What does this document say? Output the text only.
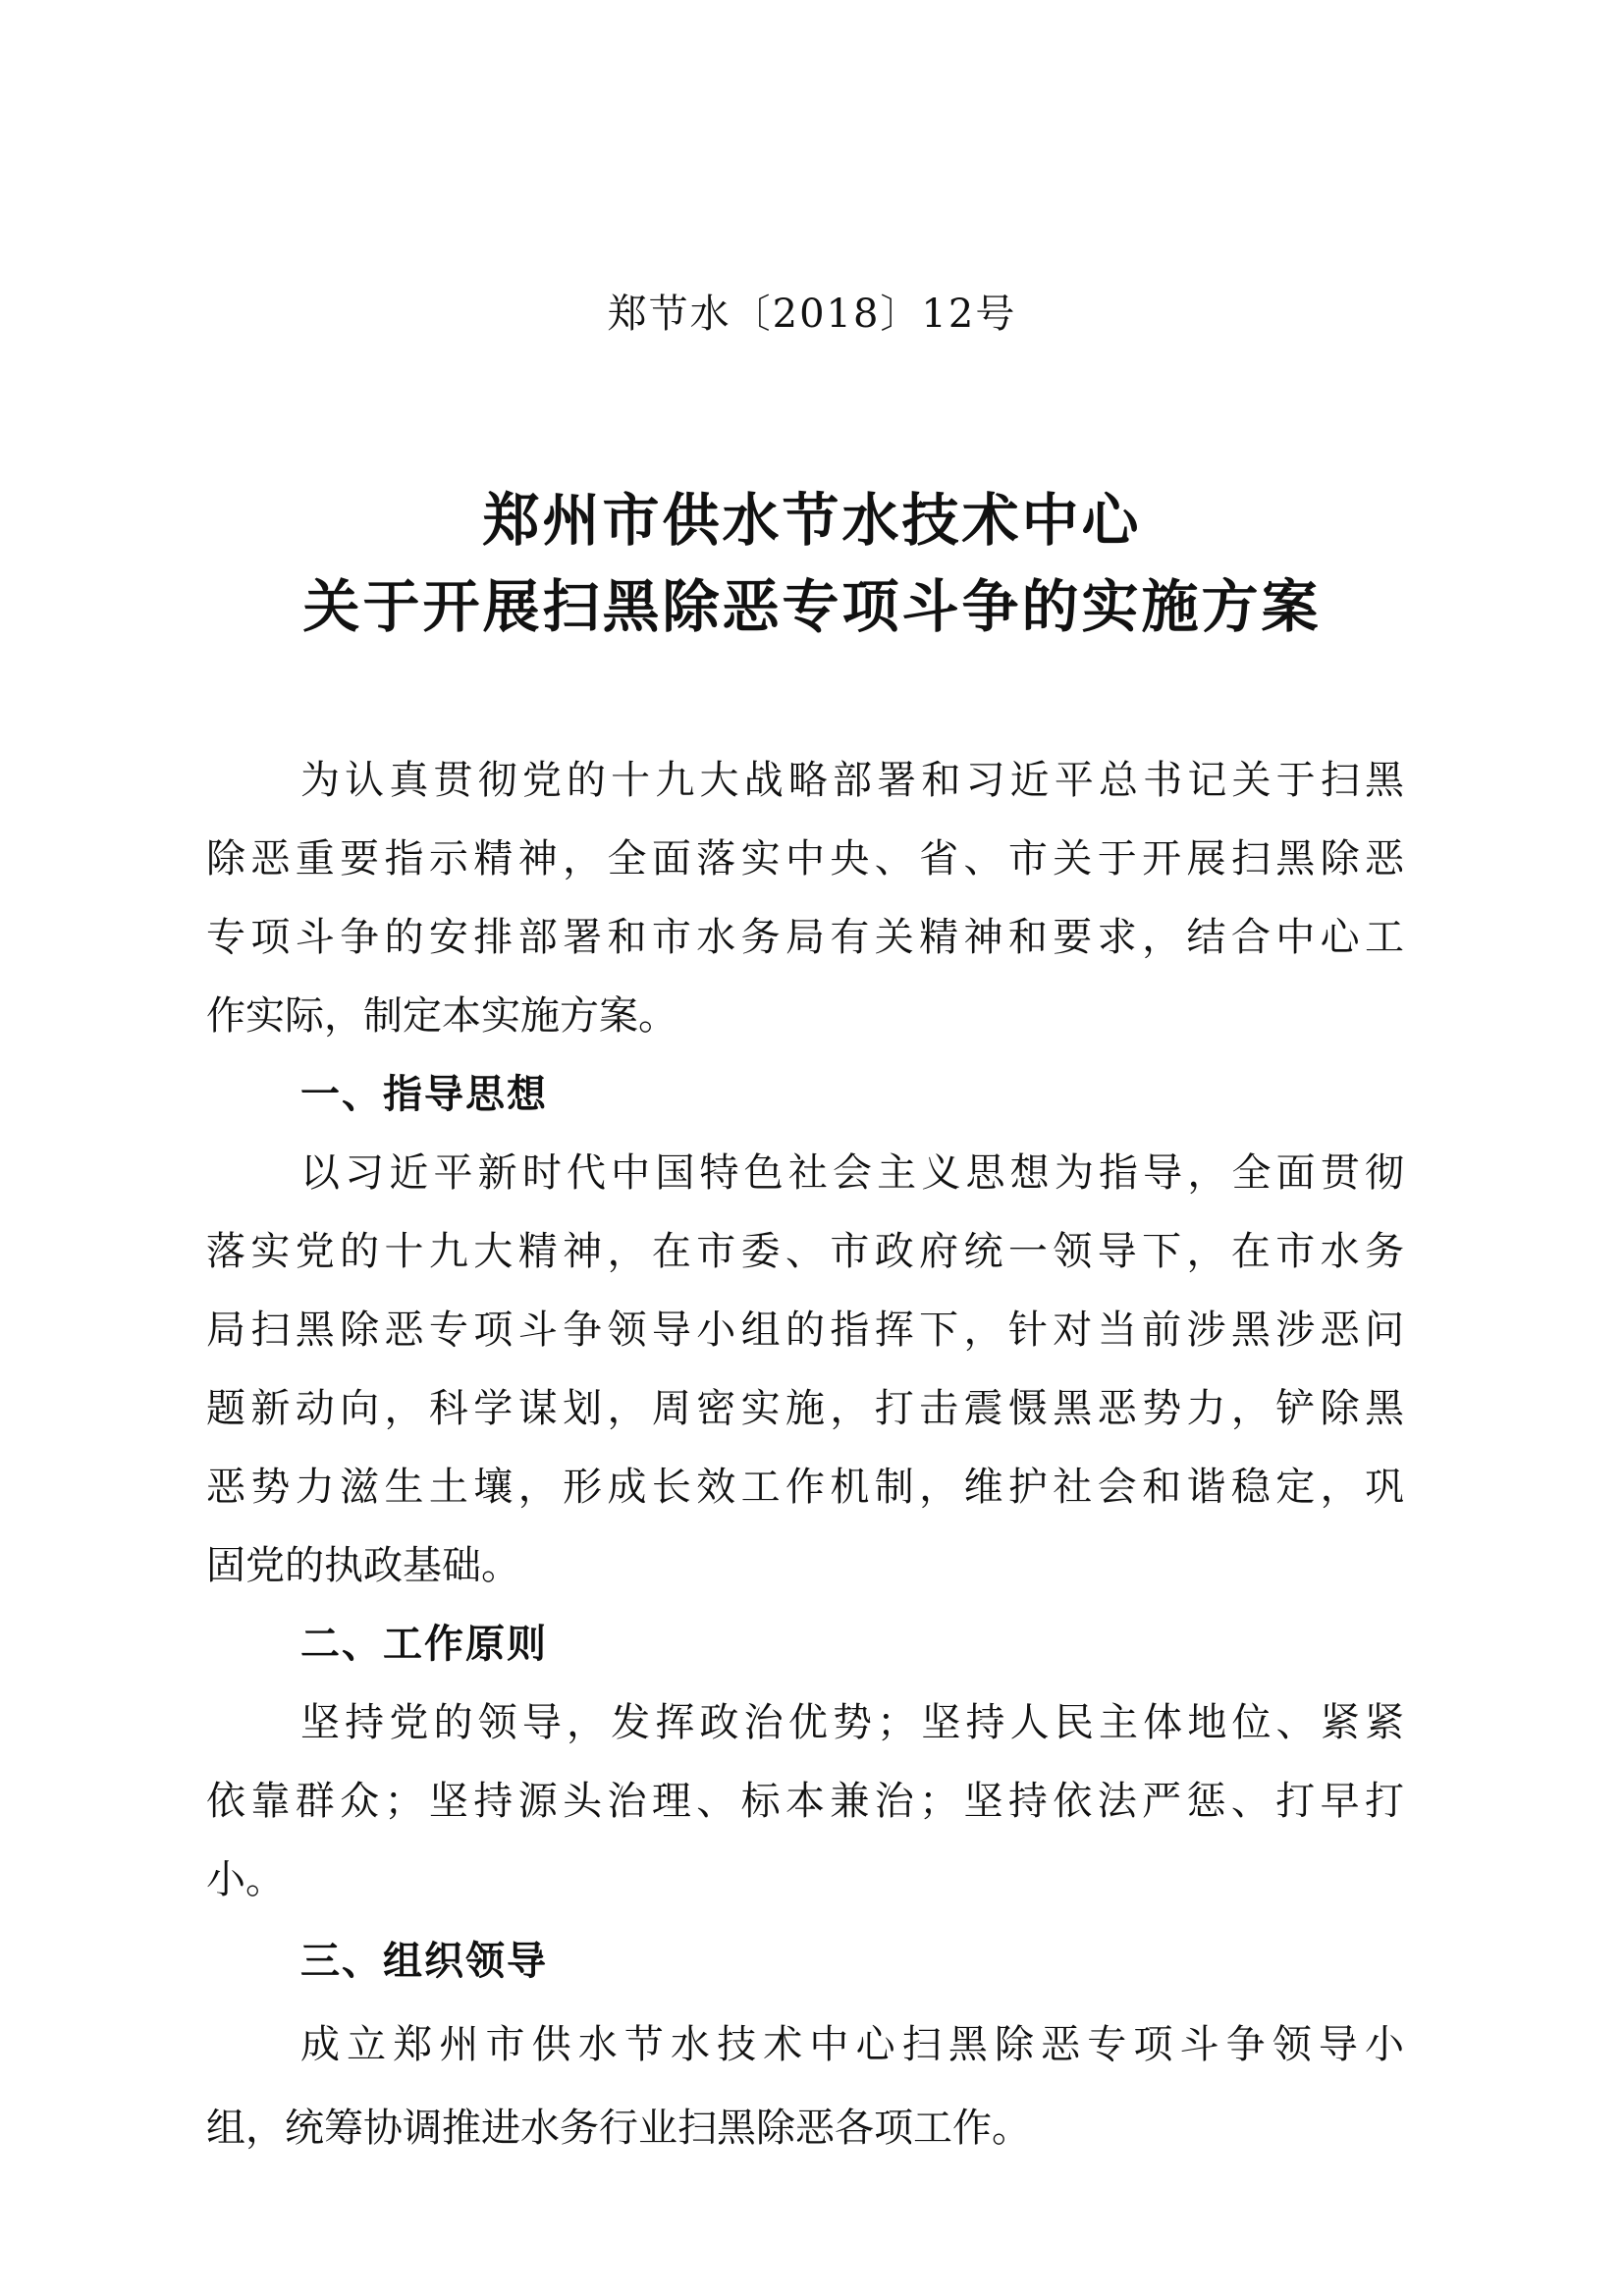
郑节水〔2018〕12号
郑州市供水节水技术中心
关于开展扫黑除恶专项斗争的实施方案
为认真贯彻党的十九大战略部署和习近平总书记关于扫黑
除恶重要指示精神，全面落实中央、省、市关于开展扫黑除恶
专项斗争的安排部署和市水务局有关精神和要求，结合中心工
作实际，制定本实施方案。
一、指导思想
以习近平新时代中国特色社会主义思想为指导，全面贯彻
落实党的十九大精神，在市委、市政府统一领导下，在市水务
局扫黑除恶专项斗争领导小组的指挥下，针对当前涉黑涉恶问
题新动向，科学谋划，周密实施，打击震慑黑恶势力，铲除黑
恶势力滋生土壤，形成长效工作机制，维护社会和谐稳定，巩
固党的执政基础。
二、工作原则
坚持党的领导，发挥政治优势；坚持人民主体地位、紧紧
依靠群众；坚持源头治理、标本兼治；坚持依法严惩、打早打
小。
三、组织领导
成立郑州市供水节水技术中心扫黑除恶专项斗争领导小
组，统筹协调推进水务行业扫黑除恶各项工作。
